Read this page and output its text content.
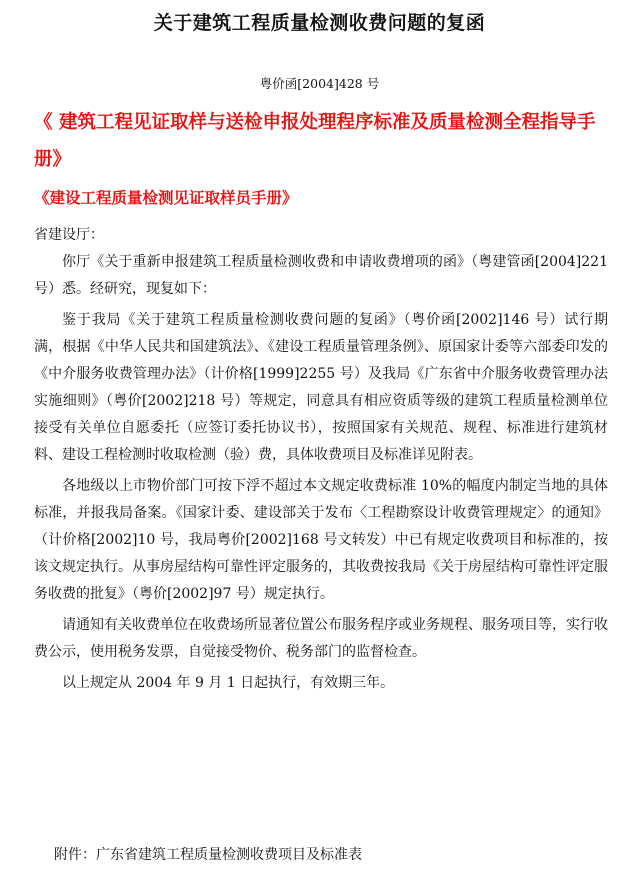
关于建筑工程质量检测收费问题的复函
粤价函[2004]428 号

《 建筑工程见证取样与送检申报处理程序标准及质量检测全程指导手册》

《建设工程质量检测见证取样员手册》

省建设厅：

你厅《关于重新申报建筑工程质量检测收费和申请收费增项的函》（粤建管函[2004]221 号）悉。经研究，现复如下：

鉴于我局《关于建筑工程质量检测收费问题的复函》（粤价函[2002]146 号）试行期满，根据《中华人民共和国建筑法》、《建设工程质量管理条例》、原国家计委等六部委印发的《中介服务收费管理办法》（计价格[1999]2255 号）及我局《广东省中介服务收费管理办法实施细则》（粤价[2002]218 号）等规定，同意具有相应资质等级的建筑工程质量检测单位接受有关单位自愿委托（应签订委托协议书），按照国家有关规范、规程、标准进行建筑材料、建设工程检测时收取检测（验）费，具体收费项目及标准详见附表。

各地级以上市物价部门可按下浮不超过本文规定收费标准 10%的幅度内制定当地的具体标准，并报我局备案。《国家计委、建设部关于发布〈工程勘察设计收费管理规定〉的通知》（计价格[2002]10 号，我局粤价[2002]168 号文转发）中已有规定收费项目和标准的，按该文规定执行。从事房屋结构可靠性评定服务的，其收费按我局《关于房屋结构可靠性评定服务收费的批复》（粤价[2002]97 号）规定执行。

请通知有关收费单位在收费场所显著位置公布服务程序或业务规程、服务项目等，实行收费公示，使用税务发票，自觉接受物价、税务部门的监督检查。

以上规定从 2004 年 9 月 1 日起执行，有效期三年。

附件：广东省建筑工程质量检测收费项目及标准表
